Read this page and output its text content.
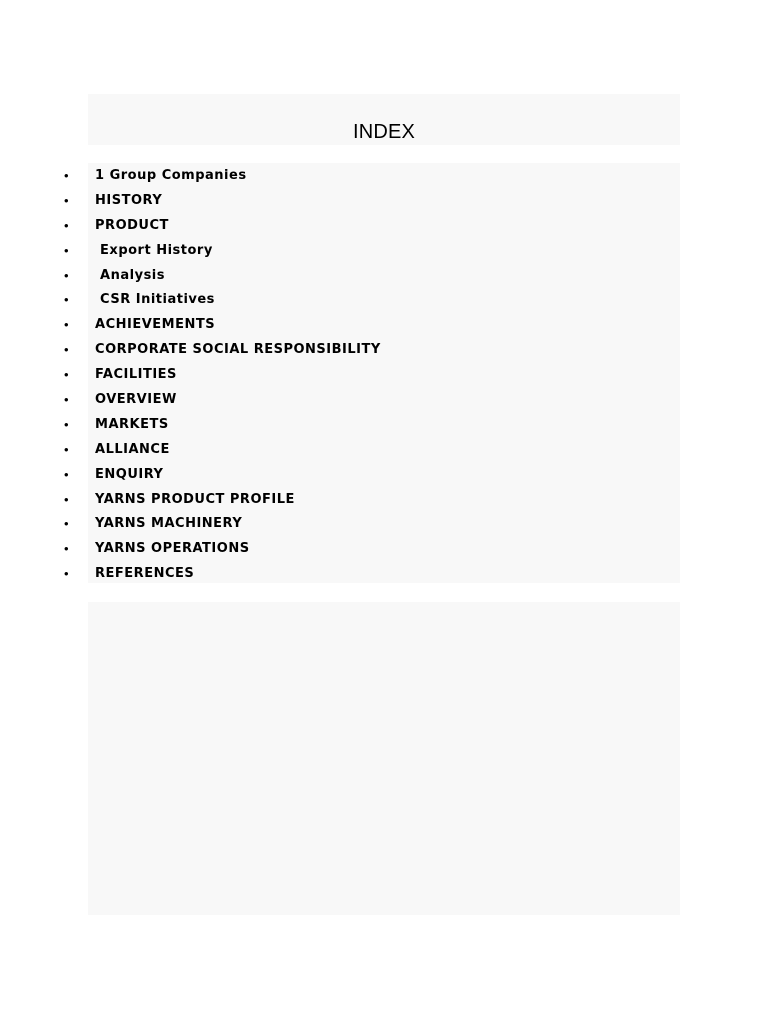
INDEX

•

	1 Group Companies

•

	HISTORY

•

	PRODUCT

•

	Export History

•

	Analysis

•

	CSR Initiatives

•

	ACHIEVEMENTS

•

	CORPORATE SOCIAL RESPONSIBILITY

•

	FACILITIES

•

	OVERVIEW

•

	MARKETS

•

	ALLIANCE

•

	ENQUIRY

•

	YARNS PRODUCT PROFILE

•

	YARNS MACHINERY

•

	YARNS OPERATIONS

•

	REFERENCES
